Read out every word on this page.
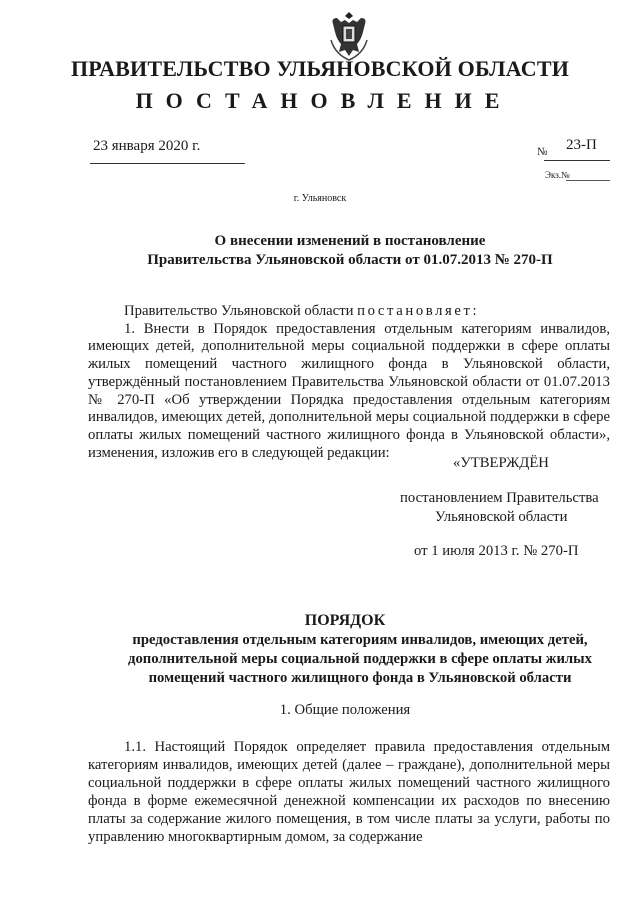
ПРАВИТЕЛЬСТВО УЛЬЯНОВСКОЙ ОБЛАСТИ
ПОСТАНОВЛЕНИЕ
23 января 2020 г.	№ 23-П
Экз.№
г. Ульяновск
О внесении изменений в постановление
Правительства Ульяновской области от 01.07.2013 № 270-П

Правительство Ульяновской области постановляет:

1. Внести в Порядок предоставления отдельным категориям инвалидов, имеющих детей, дополнительной меры социальной поддержки в сфере оплаты жилых помещений частного жилищного фонда в Ульяновской области, утверждённый постановлением Правительства Ульяновской области от 01.07.2013 № 270-П «Об утверждении Порядка предоставления отдельным категориям инвалидов, имеющих детей, дополнительной меры социальной поддержки в сфере оплаты жилых помещений частного жилищного фонда в Ульяновской области», изменения, изложив его в следующей редакции:

«УТВЕРЖДЁН
постановлением Правительства
Ульяновской области
от 1 июля 2013 г. № 270-П
ПОРЯДОК
предоставления отдельным категориям инвалидов, имеющих детей, дополнительной меры социальной поддержки в сфере оплаты жилых помещений частного жилищного фонда в Ульяновской области
1. Общие положения

1.1. Настоящий Порядок определяет правила предоставления отдельным категориям инвалидов, имеющих детей (далее – граждане), дополнительной меры социальной поддержки в сфере оплаты жилых помещений частного жилищного фонда в форме ежемесячной денежной компенсации их расходов по внесению платы за содержание жилого помещения, в том числе платы за услуги, работы по управлению многоквартирным домом, за содержание
